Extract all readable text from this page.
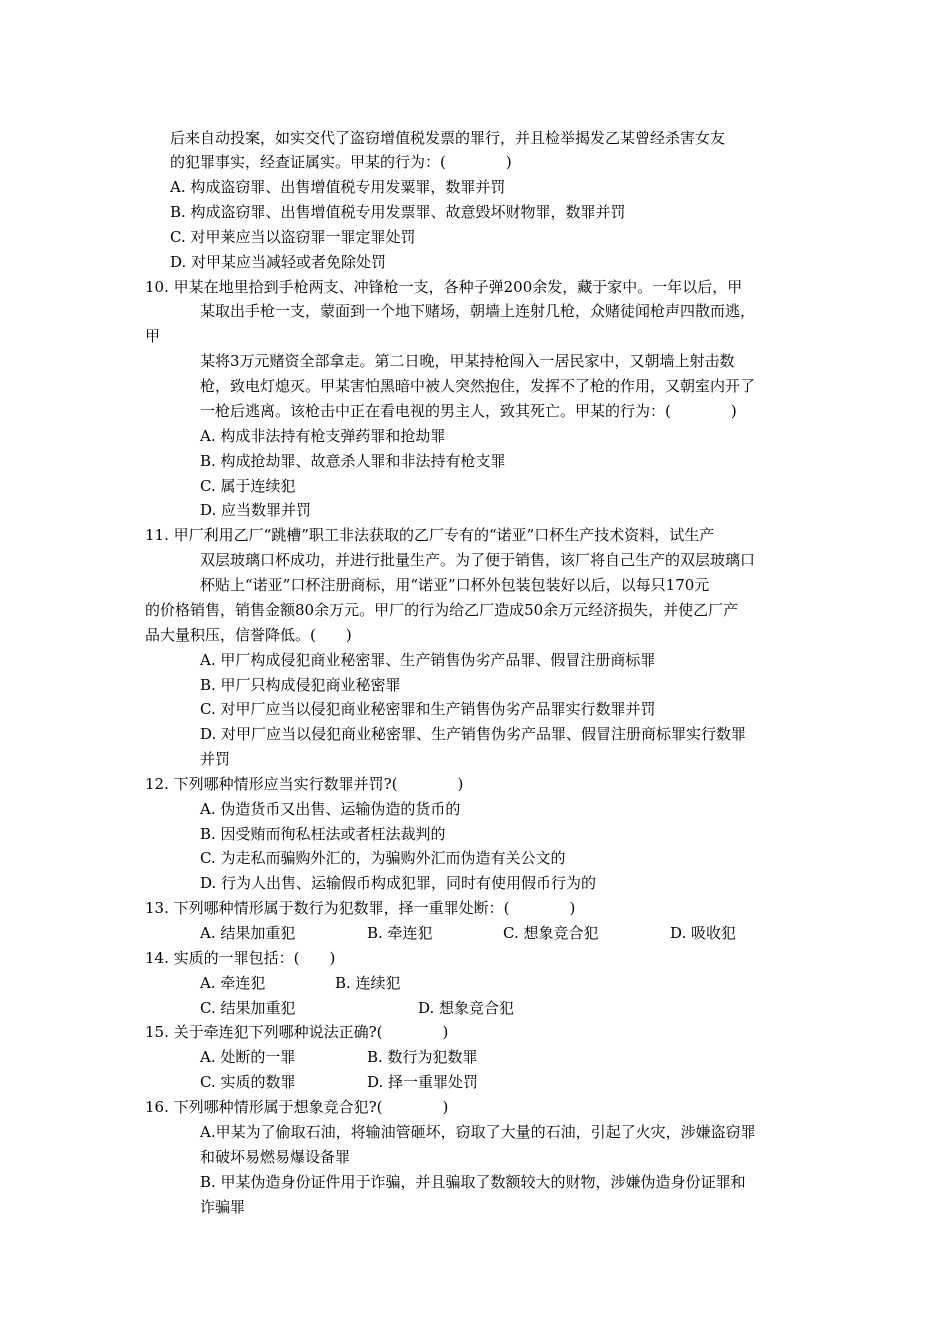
后来自动投案，如实交代了盗窃增值税发票的罪行，并且检举揭发乙某曾经杀害女友
的犯罪事实，经查证属实。甲某的行为：(　　　　)
A. 构成盗窃罪、出售增值税专用发粟罪，数罪并罚
B. 构成盗窃罪、出售增值税专用发票罪、故意毁坏财物罪，数罪并罚
C. 对甲莱应当以盗窃罪一罪定罪处罚
D. 对甲某应当减轻或者免除处罚
10. 甲某在地里拾到手枪两支、冲锋枪一支，各种子弹200余发，藏于家中。一年以后，甲
某取出手枪一支，蒙面到一个地下赌场，朝墙上连射几枪，众赌徒闻枪声四散而逃，
甲
某将3万元赌资全部拿走。第二日晚，甲某持枪闯入一居民家中，又朝墙上射击数
枪，致电灯熄灭。甲某害怕黑暗中被人突然抱住，发挥不了枪的作用，又朝室内开了
一枪后逃离。该枪击中正在看电视的男主人，致其死亡。甲某的行为：(　　　　)
A. 构成非法持有枪支弹药罪和抢劫罪
B. 构成抢劫罪、故意杀人罪和非法持有枪支罪
C. 属于连续犯
D. 应当数罪并罚
11. 甲厂利用乙厂“跳槽”职工非法获取的乙厂专有的“诺亚”口杯生产技术资料，试生产
双层玻璃口杯成功，并进行批量生产。为了便于销售，该厂将自己生产的双层玻璃口
杯贴上“诺亚”口杯注册商标，用“诺亚”口杯外包装包装好以后，以每只170元
的价格销售，销售金额80余万元。甲厂的行为给乙厂造成50余万元经济损失，并使乙厂产
品大量积压，信誉降低。(　　)
A. 甲厂构成侵犯商业秘密罪、生产销售伪劣产品罪、假冒注册商标罪
B. 甲厂只构成侵犯商业秘密罪
C. 对甲厂应当以侵犯商业秘密罪和生产销售伪劣产品罪实行数罪并罚
D. 对甲厂应当以侵犯商业秘密罪、生产销售伪劣产品罪、假冒注册商标罪实行数罪
并罚
12. 下列哪种情形应当实行数罪并罚?(　　　　)
A. 伪造货币又出售、运输伪造的货币的
B. 因受贿而徇私枉法或者枉法裁判的
C. 为走私而骗购外汇的，为骗购外汇而伪造有关公文的
D. 行为人出售、运输假币构成犯罪，同时有使用假币行为的
13. 下列哪种情形属于数行为犯数罪，择一重罪处断：(　　　　)

A. 结果加重犯

	B. 牵连犯

	C. 想象竞合犯

	D. 吸收犯

14. 实质的一罪包括：(　　)

A. 牵连犯

	B. 连续犯

C. 结果加重犯

	D. 想象竞合犯

15. 关于牵连犯下列哪种说法正确?(　　　　)

A. 处断的一罪

	B. 数行为犯数罪

C. 实质的数罪

	D. 择一重罪处罚

16. 下列哪种情形属于想象竞合犯?(　　　　)
A.甲某为了偷取石油，将输油管砸坏，窃取了大量的石油，引起了火灾，涉嫌盗窃罪
和破坏易燃易爆设备罪
B. 甲某伪造身份证件用于诈骗，并且骗取了数额较大的财物，涉嫌伪造身份证罪和
诈骗罪
